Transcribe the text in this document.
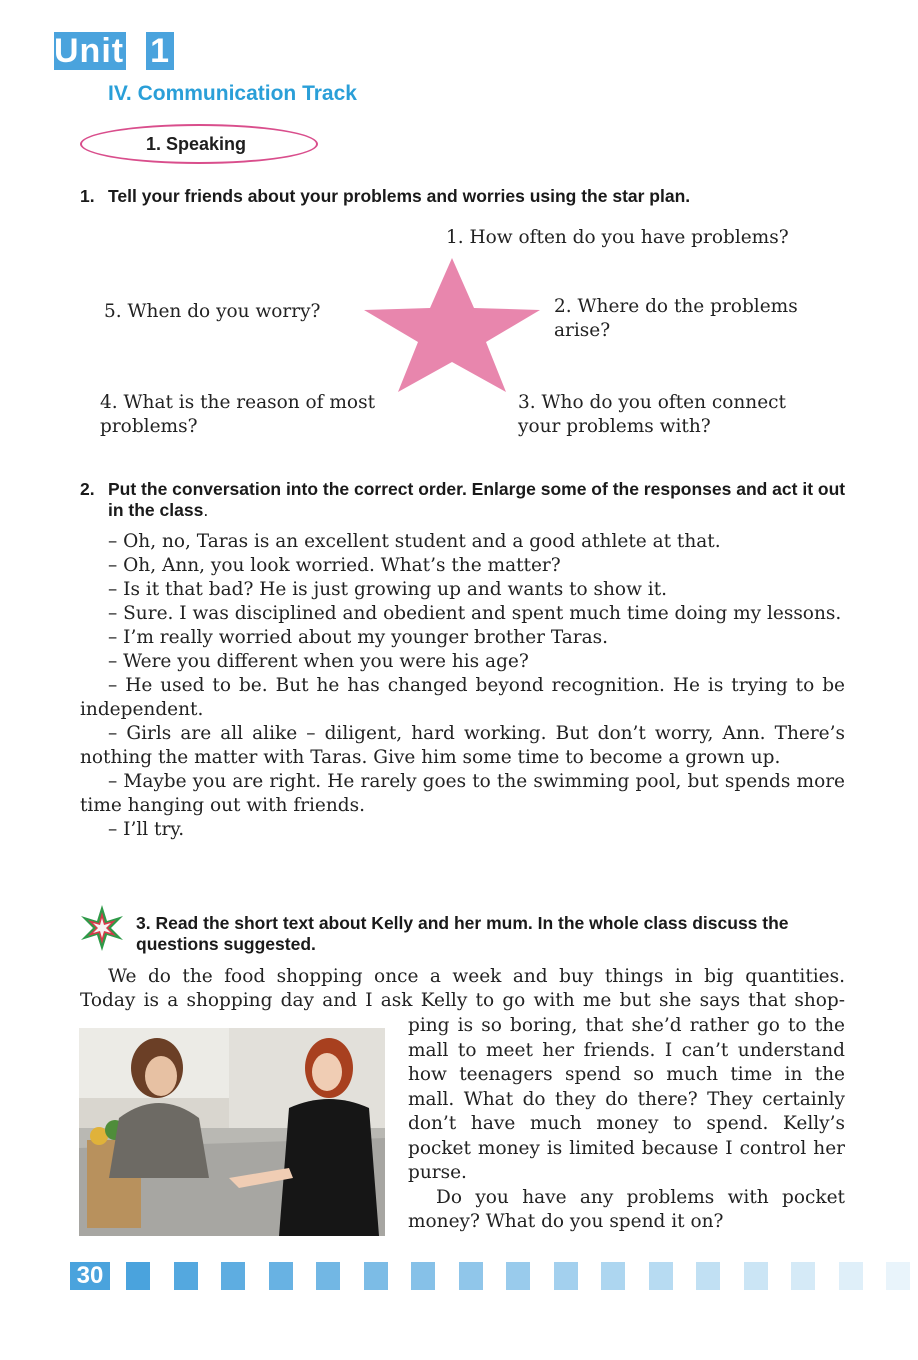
Unit 1
IV. Communication Track
1. Speaking
1. Tell your friends about your problems and worries using the star plan.
1. How often do you have problems?
5. When do you worry?	2. Where do the problems
arise?
4. What is the reason of most
problems?
3. Who do you often connect
your problems with?
2. Put the conversation into the correct order. Enlarge some of the responses and act it out in the class.

– Oh, no, Taras is an excellent student and a good athlete at that.

– Oh, Ann, you look worried. What’s the matter?

– Is it that bad? He is just growing up and wants to show it.

– Sure. I was disciplined and obedient and spent much time doing my lessons.

– I’m really worried about my younger brother Taras.

– Were you different when you were his age?

– He used to be. But he has changed beyond recognition. He is trying to be independent.

– Girls are all alike – diligent, hard working. But don’t worry, Ann. There’s nothing the matter with Taras. Give him some time to become a grown up.

– Maybe you are right. He rarely goes to the swimming pool, but spends more time hanging out with friends.

– I’ll try.

3. Read the short text about Kelly and her mum. In the whole class discuss the questions suggested.
We do the food shopping once a week and buy things in big quantities.
Today is a shopping day and I ask Kelly to go with me but she says that shop-

ping is so boring, that she’d rather go to the mall to meet her friends. I can’t understand how teenagers spend so much time in the mall. What do they do there? They certainly don’t have much money to spend. Kelly’s pocket money is limited because I control her purse.

Do you have any problems with pocket money? What do you spend it on?

30
